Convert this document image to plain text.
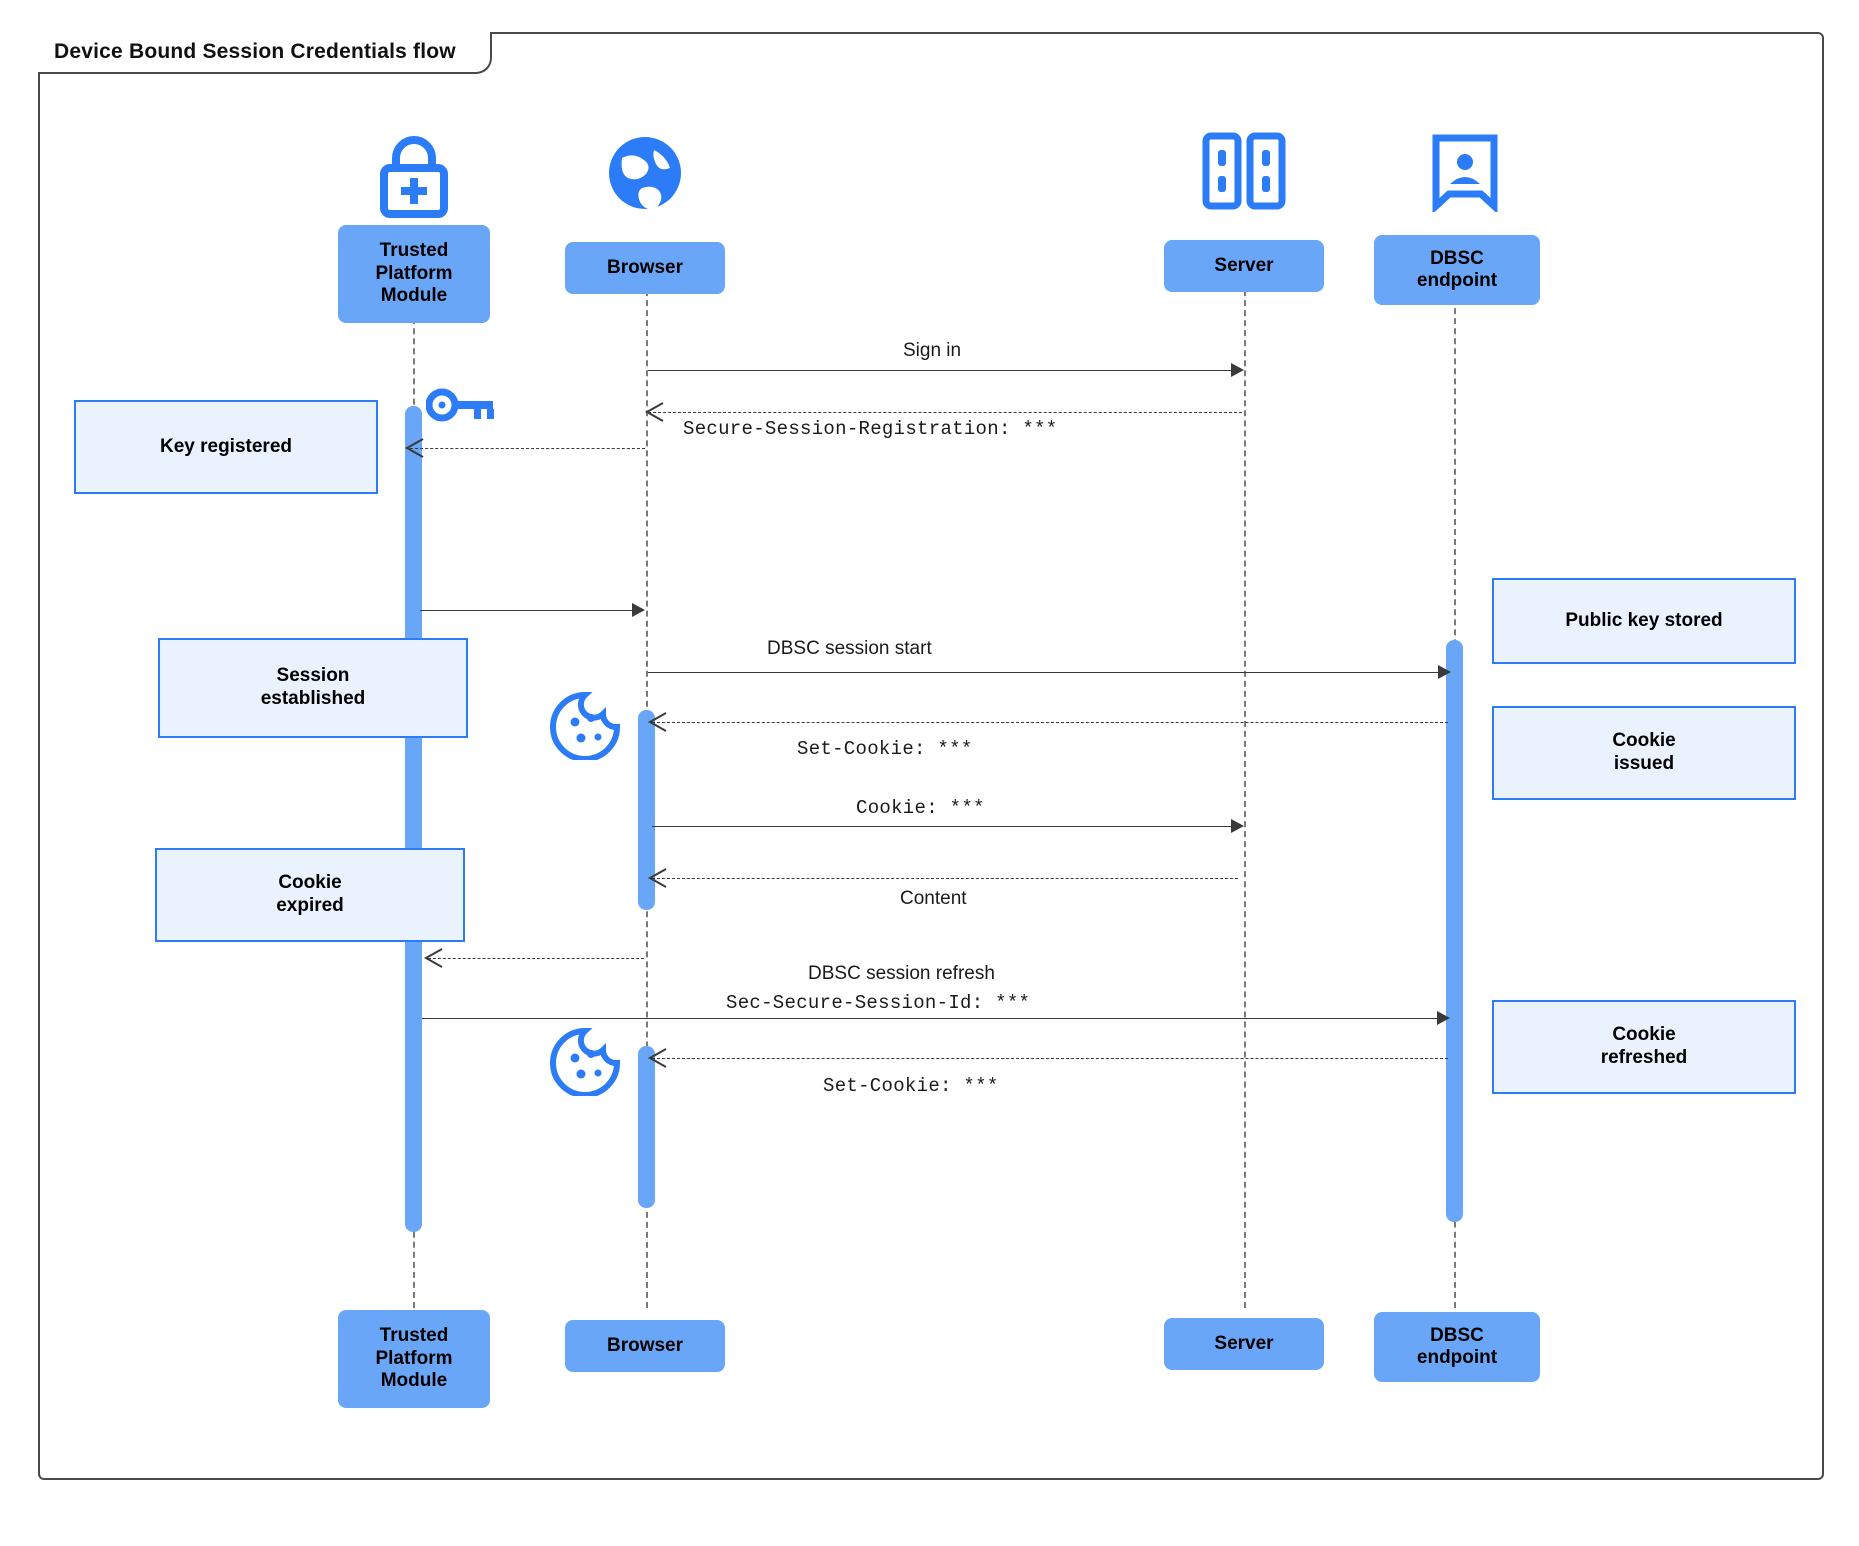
Device Bound Session Credentials flow
Trusted
Platform
Module
Browser	Server	DBSC
endpoint
Trusted
Platform
Module
Browser	Server	DBSC
endpoint
Sign in
Secure-Session-Registration: ***
Key registered
Session
established
Public key stored
DBSC session start
Cookie
issued
Set-Cookie: ***
Cookie: ***
Cookie
expired	Content
DBSC session refresh
Sec-Secure-Session-Id: ***
Cookie
refreshed
Set-Cookie: ***
